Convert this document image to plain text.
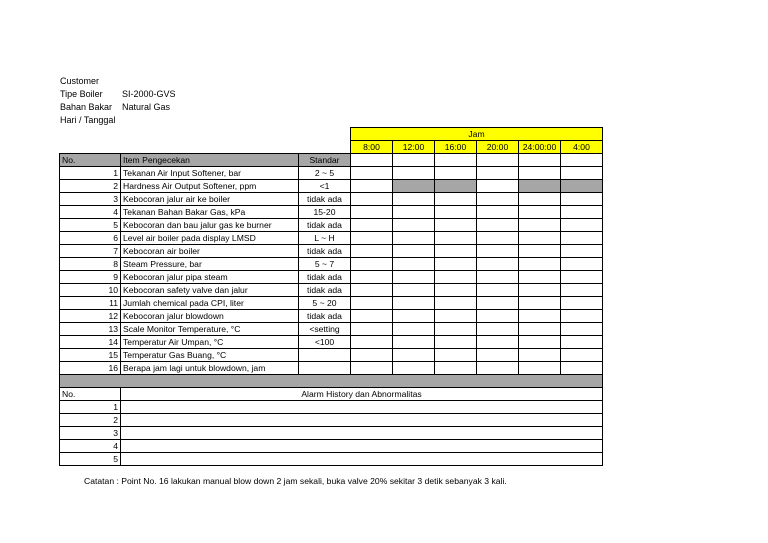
Customer
Tipe Boiler SI-2000-GVS
Bahan Bakar Natural Gas
Hari / Tanggal
			Jam					
			8:00	12:00	16:00	20:00	24:00:00	4:00
No.	Item Pengecekan	Standar						
1	Tekanan Air Input Softener, bar	2 ~ 5						
2	Hardness Air Output Softener, ppm	<1						
3	Kebocoran jalur air ke boiler	tidak ada						
4	Tekanan Bahan Bakar Gas, kPa	15-20						
5	Kebocoran dan bau jalur gas ke burner	tidak ada						
6	Level air boiler pada display LMSD	L ~ H						
7	Kebocoran air boiler	tidak ada						
8	Steam Pressure, bar	5 ~ 7						
9	Kebocoran jalur pipa steam	tidak ada						
10	Kebocoran safety valve dan jalur	tidak ada						
11	Jumlah chemical pada CPI, liter	5 ~ 20						
12	Kebocoran jalur blowdown	tidak ada						
13	Scale Monitor Temperature, °C	<setting						
14	Temperatur Air Umpan, °C	<100						
15	Temperatur Gas Buang, °C							
16	Berapa jam lagi untuk blowdown, jam							

No.	Alarm History dan Abnormalitas							
1								
2								
3								
4								
5								
Catatan : Point No. 16 lakukan manual blow down 2 jam sekali, buka valve 20% sekitar 3 detik sebanyak 3 kali.
